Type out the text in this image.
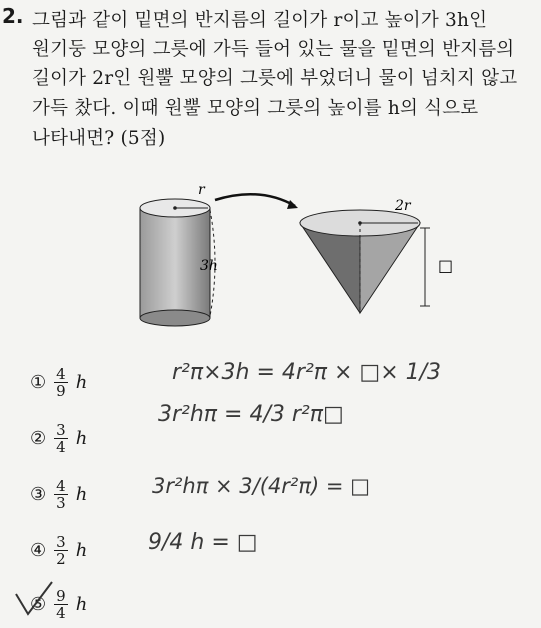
2. 그림과 같이 밑면의 반지름의 길이가 r이고 높이가 3h인
원기둥 모양의 그릇에 가득 들어 있는 물을 밑면의 반지름의
길이가 2r인 원뿔 모양의 그릇에 부었더니 물이 넘치지 않고
가득 찼다. 이때 원뿔 모양의 그릇의 높이를 h의 식으로
나타내면? (5점)
r
3h
2r
□
① $\frac{4}{9}$ h
② $\frac{3}{4}$ h
③ $\frac{4}{3}$ h
④ $\frac{3}{2}$ h
⑤ $\frac{9}{4}$ h
r²π×3h = 4r²π × □× 1/3
3r²hπ = 4/3 r²π□
3r²hπ × 3/(4r²π) = □
9/4 h = □
